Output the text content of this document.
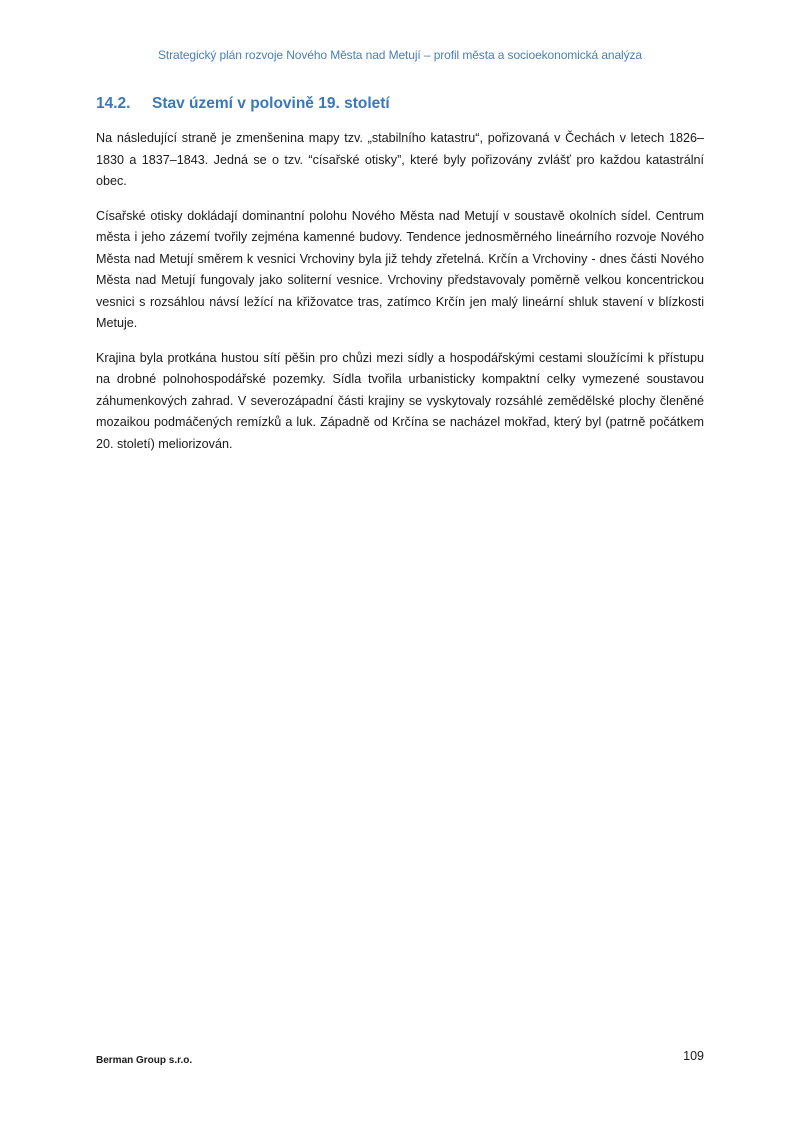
Strategický plán rozvoje Nového Města nad Metují – profil města a socioekonomická analýza
14.2.	Stav území v polovině 19. století

Na následující straně je zmenšenina mapy tzv. „stabilního katastru“, pořizovaná v Čechách v letech 1826–1830 a 1837–1843. Jedná se o tzv. “císařské otisky”, které byly pořizovány zvlášť pro každou katastrální obec.

Císařské otisky dokládají dominantní polohu Nového Města nad Metují v soustavě okolních sídel. Centrum města i jeho zázemí tvořily zejména kamenné budovy. Tendence jednosměrného lineárního rozvoje Nového Města nad Metují směrem k vesnici Vrchoviny byla již tehdy zřetelná. Krčín a Vrchoviny - dnes části Nového Města nad Metují fungovaly jako soliterní vesnice. Vrchoviny představovaly poměrně velkou koncentrickou vesnici s rozsáhlou návsí ležící na křižovatce tras, zatímco Krčín jen malý lineární shluk stavení v blízkosti Metuje.

Krajina byla protkána hustou sítí pěšin pro chůzi mezi sídly a hospodářskými cestami sloužícími k přístupu na drobné polnohospodářské pozemky. Sídla tvořila urbanisticky kompaktní celky vymezené soustavou záhumenkových zahrad. V severozápadní části krajiny se vyskytovaly rozsáhlé zemědělské plochy členěné mozaikou podmáčených remízků a luk. Západně od Krčína se nacházel mokřad, který byl (patrně počátkem 20. století) meliorizován.

Berman Group s.r.o.	109
